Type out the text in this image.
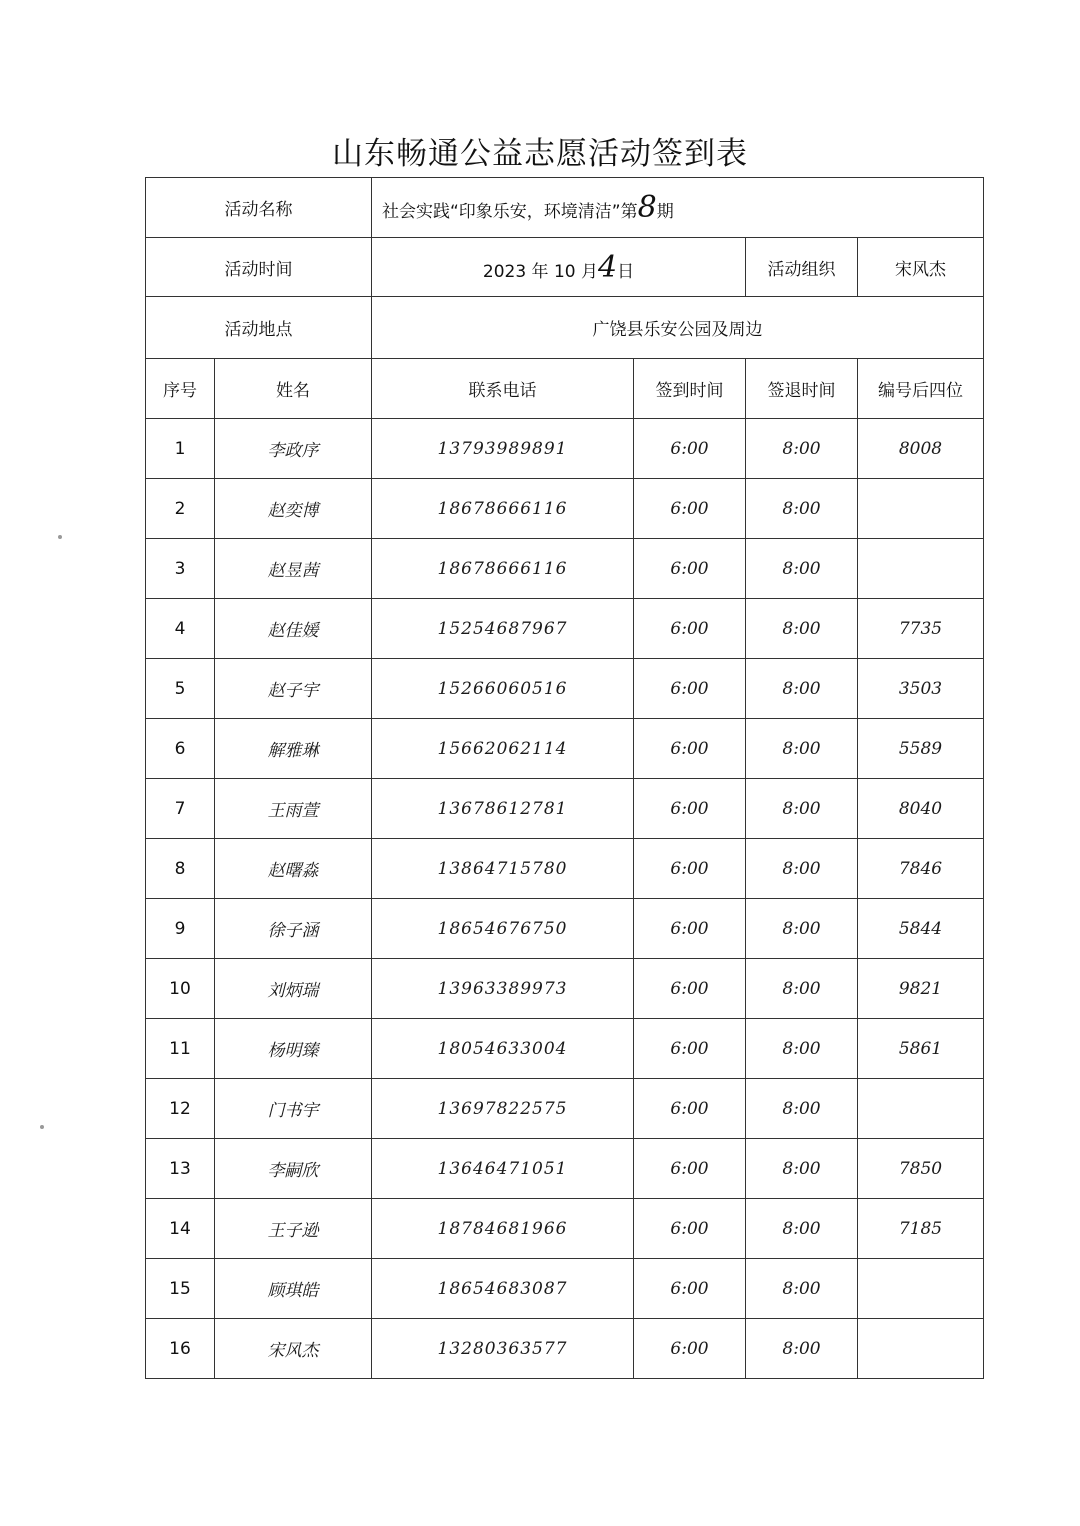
山东畅通公益志愿活动签到表
活动名称		社会实践“印象乐安，环境清洁”第8期			
活动时间		2023 年 10 月4日		活动组织	宋风杰
活动地点		广饶县乐安公园及周边			
序号	姓名	联系电话	签到时间	签退时间	编号后四位
1	李政序	13793989891	6:00	8:00	8008
2	赵奕博	18678666116	6:00	8:00	
3	赵昱茜	18678666116	6:00	8:00	
4	赵佳媛	15254687967	6:00	8:00	7735
5	赵子宇	15266060516	6:00	8:00	3503
6	解雅琳	15662062114	6:00	8:00	5589
7	王雨萱	13678612781	6:00	8:00	8040
8	赵曙淼	13864715780	6:00	8:00	7846
9	徐子涵	18654676750	6:00	8:00	5844
10	刘炳瑞	13963389973	6:00	8:00	9821
11	杨明臻	18054633004	6:00	8:00	5861
12	门书宇	13697822575	6:00	8:00	
13	李嗣欣	13646471051	6:00	8:00	7850
14	王子逊	18784681966	6:00	8:00	7185
15	顾琪皓	18654683087	6:00	8:00	
16	宋风杰	13280363577	6:00	8:00	
